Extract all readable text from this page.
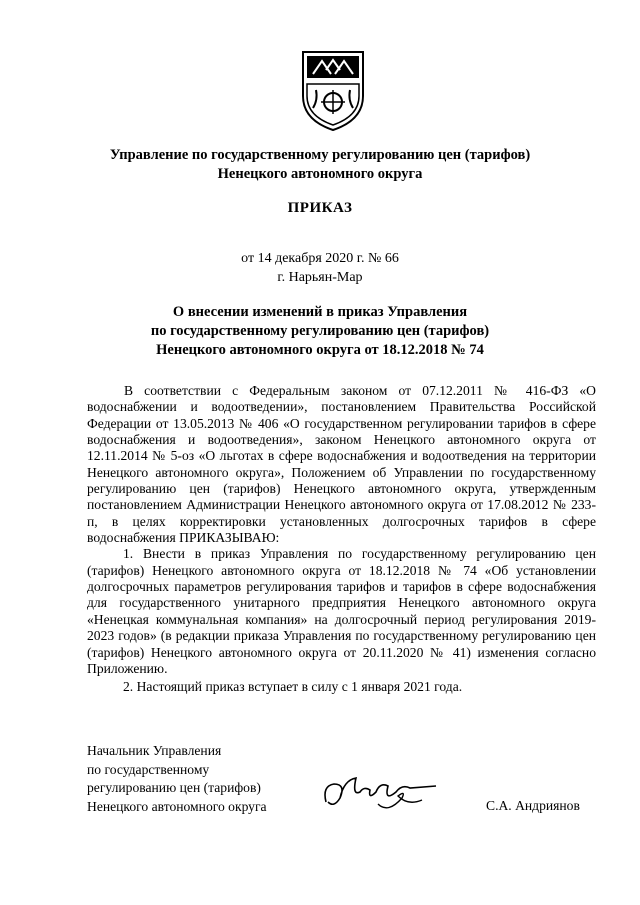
Управление по государственному регулированию цен (тарифов)
Ненецкого автономного округа
ПРИКАЗ
от 14 декабря 2020 г. № 66
г. Нарьян-Мар
О внесении изменений в приказ Управления
по государственному регулированию цен (тарифов)
Ненецкого автономного округа от 18.12.2018 № 74

В соответствии с Федеральным законом от 07.12.2011 № 416-ФЗ «О водоснабжении и водоотведении», постановлением Правительства Российской Федерации от 13.05.2013 № 406 «О государственном регулировании тарифов в сфере водоснабжения и водоотведения», законом Ненецкого автономного округа от 12.11.2014 № 5-оз «О льготах в сфере водоснабжения и водоотведения на территории Ненецкого автономного округа», Положением об Управлении по государственному регулированию цен (тарифов) Ненецкого автономного округа, утвержденным постановлением Администрации Ненецкого автономного округа от 17.08.2012 № 233-п, в целях корректировки установленных долгосрочных тарифов в сфере водоснабжения ПРИКАЗЫВАЮ:

1. Внести в приказ Управления по государственному регулированию цен (тарифов) Ненецкого автономного округа от 18.12.2018 № 74 «Об установлении долгосрочных параметров регулирования тарифов и тарифов в сфере водоснабжения для государственного унитарного предприятия Ненецкого автономного округа «Ненецкая коммунальная компания» на долгосрочный период регулирования 2019-2023 годов» (в редакции приказа Управления по государственному регулированию цен (тарифов) Ненецкого автономного округа от 20.11.2020 № 41) изменения согласно Приложению.

2. Настоящий приказ вступает в силу с 1 января 2021 года.

Начальник Управления
по государственному
регулированию цен (тарифов)
Ненецкого автономного округа	С.А. Андриянов
